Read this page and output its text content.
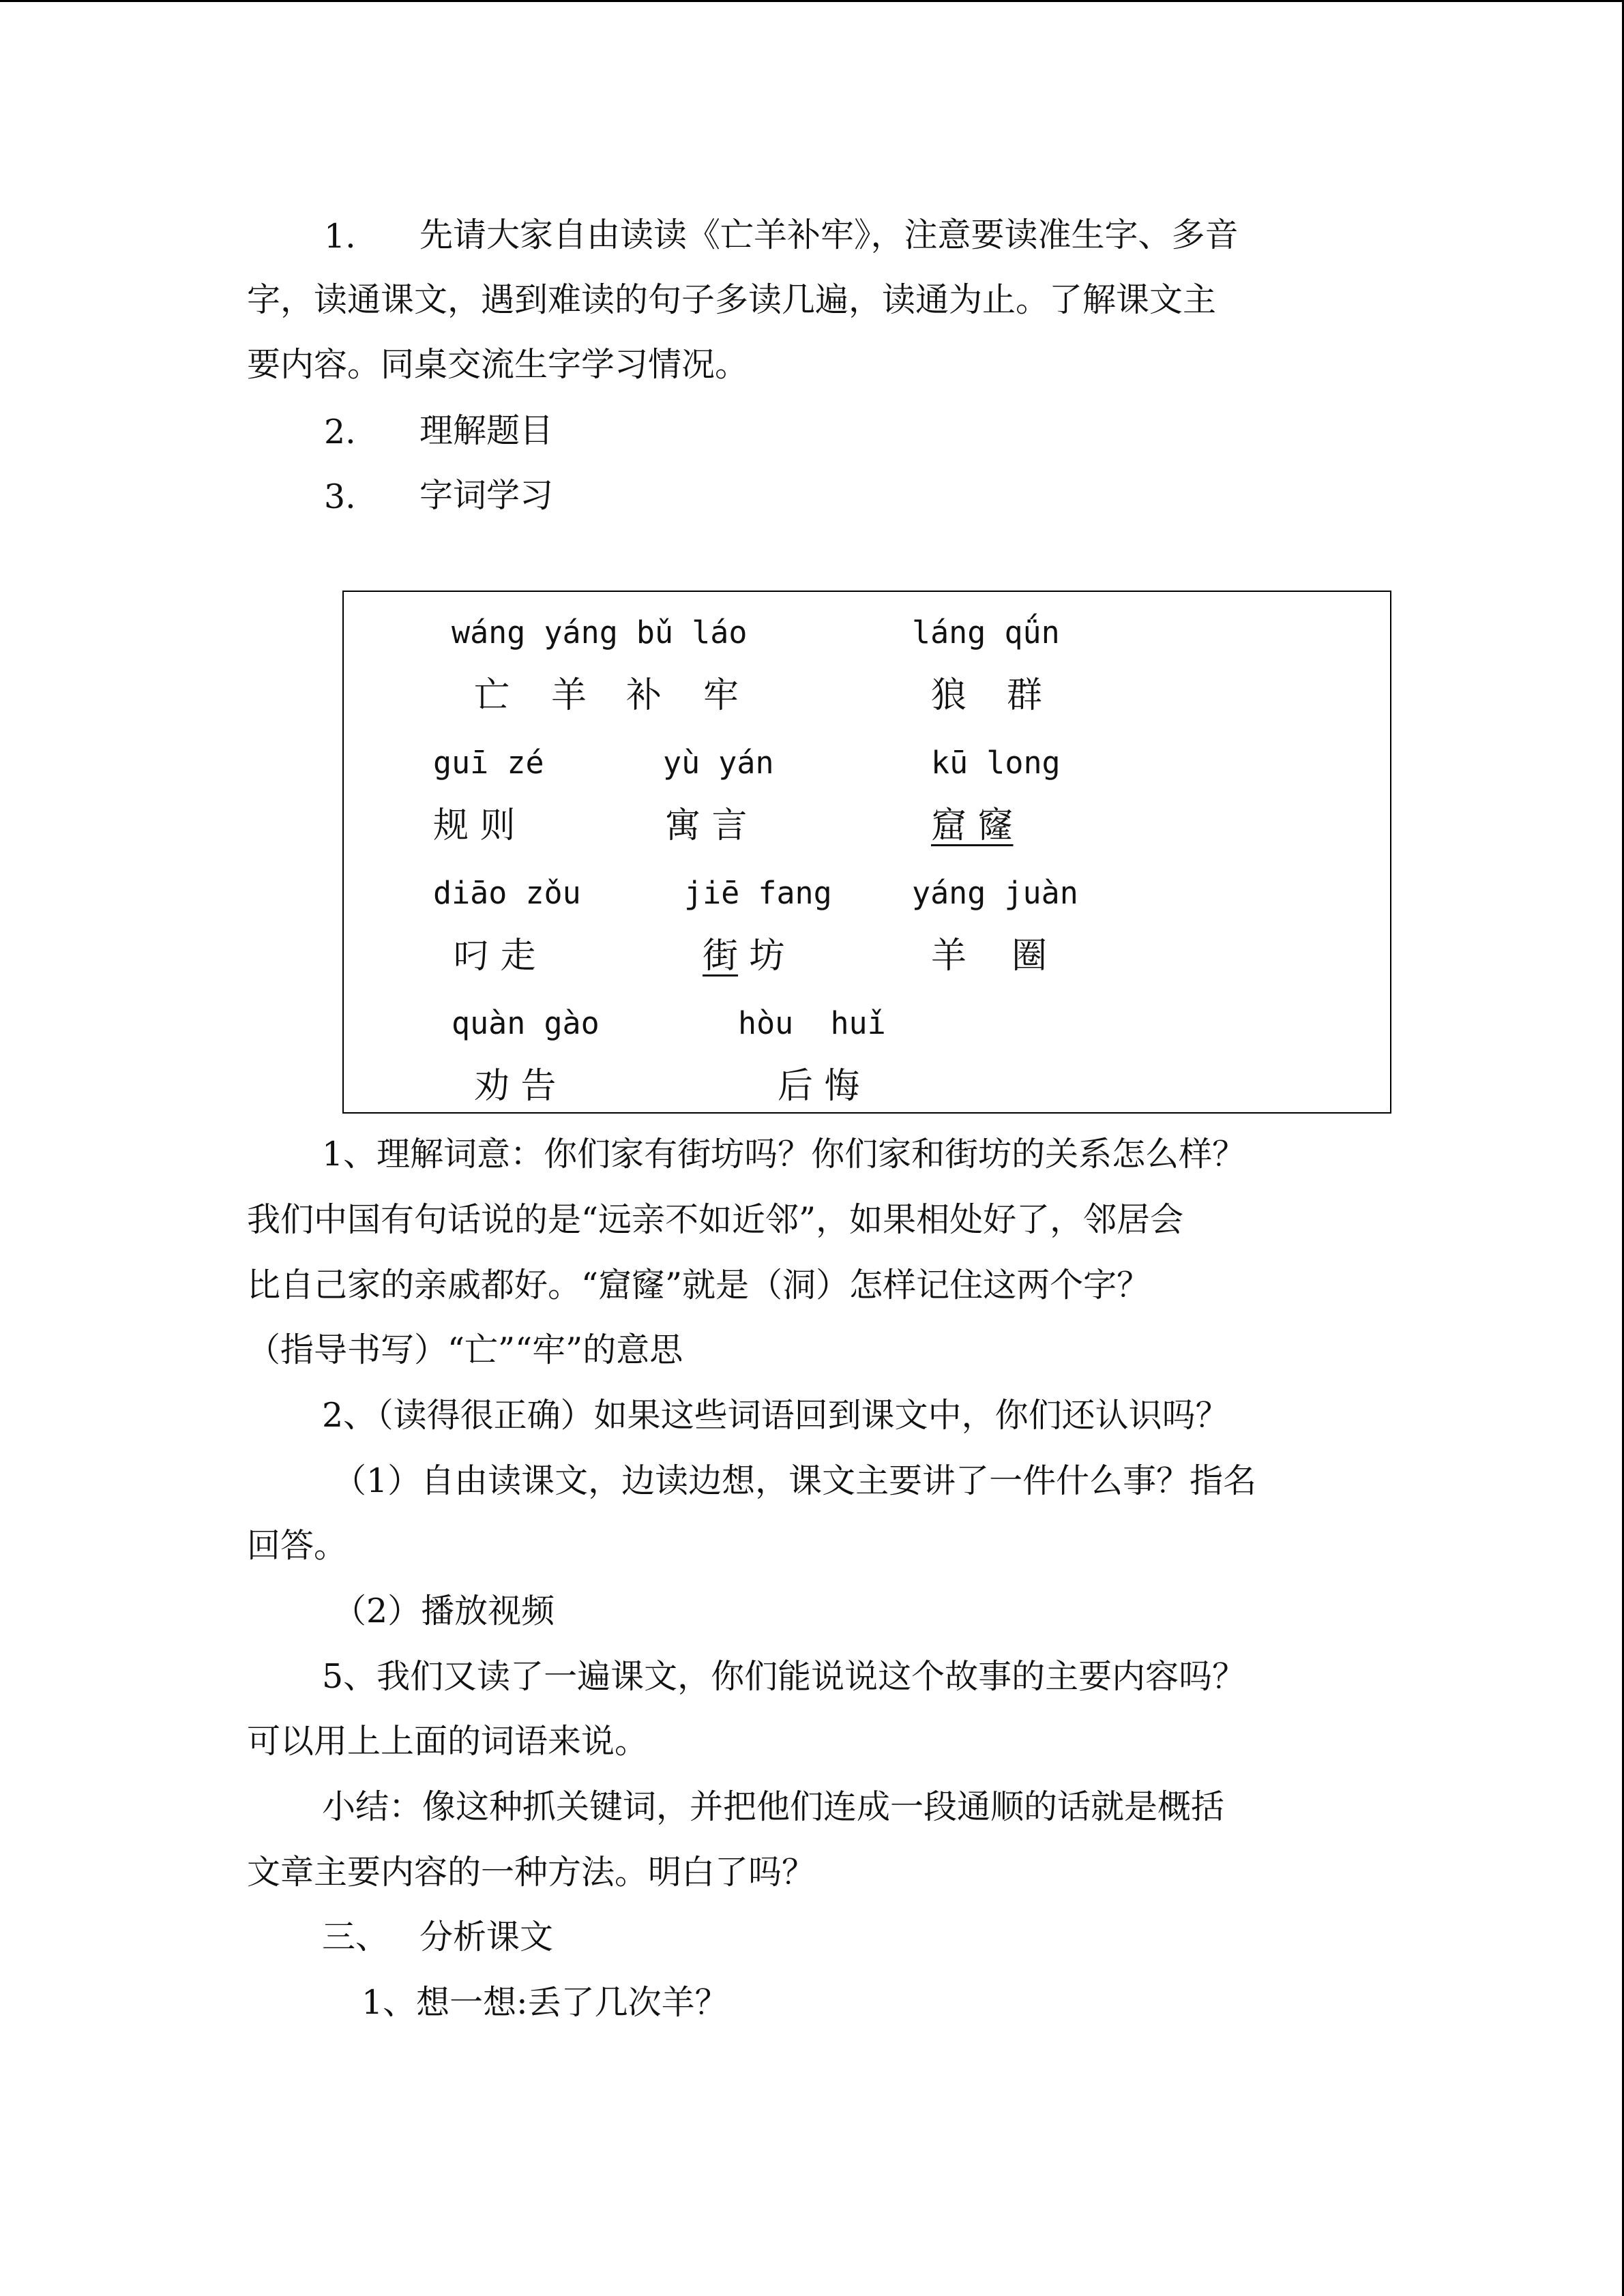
1. 先请大家自由读读《亡羊补牢》，注意要读准生字、多音
字，读通课文，遇到难读的句子多读几遍，读通为止。了解课文主
要内容。同桌交流生字学习情况。
2. 理解题目
3. 字词学习
wáng yáng bǔ láo	láng qǘn
亡 羊 补 牢	狼 群
guī zé	yù yán	kū long
规 则	寓 言	窟 窿
diāo zǒu	jiē fang	yáng juàn
叼 走	街 坊	羊    圈
quàn gào	hòu  huǐ
劝 告	后 悔
1、理解词意：你们家有街坊吗？你们家和街坊的关系怎么样？
我们中国有句话说的是“远亲不如近邻”，如果相处好了，邻居会
比自己家的亲戚都好。“窟窿”就是（洞）怎样记住这两个字？
（指导书写）“亡”“牢”的意思
2、（读得很正确）如果这些词语回到课文中，你们还认识吗？
（1）自由读课文，边读边想，课文主要讲了一件什么事？指名
回答。
（2）播放视频
5、我们又读了一遍课文，你们能说说这个故事的主要内容吗？
可以用上上面的词语来说。
小结：像这种抓关键词，并把他们连成一段通顺的话就是概括
文章主要内容的一种方法。明白了吗？
三、 分析课文
1、想一想:丢了几次羊？
